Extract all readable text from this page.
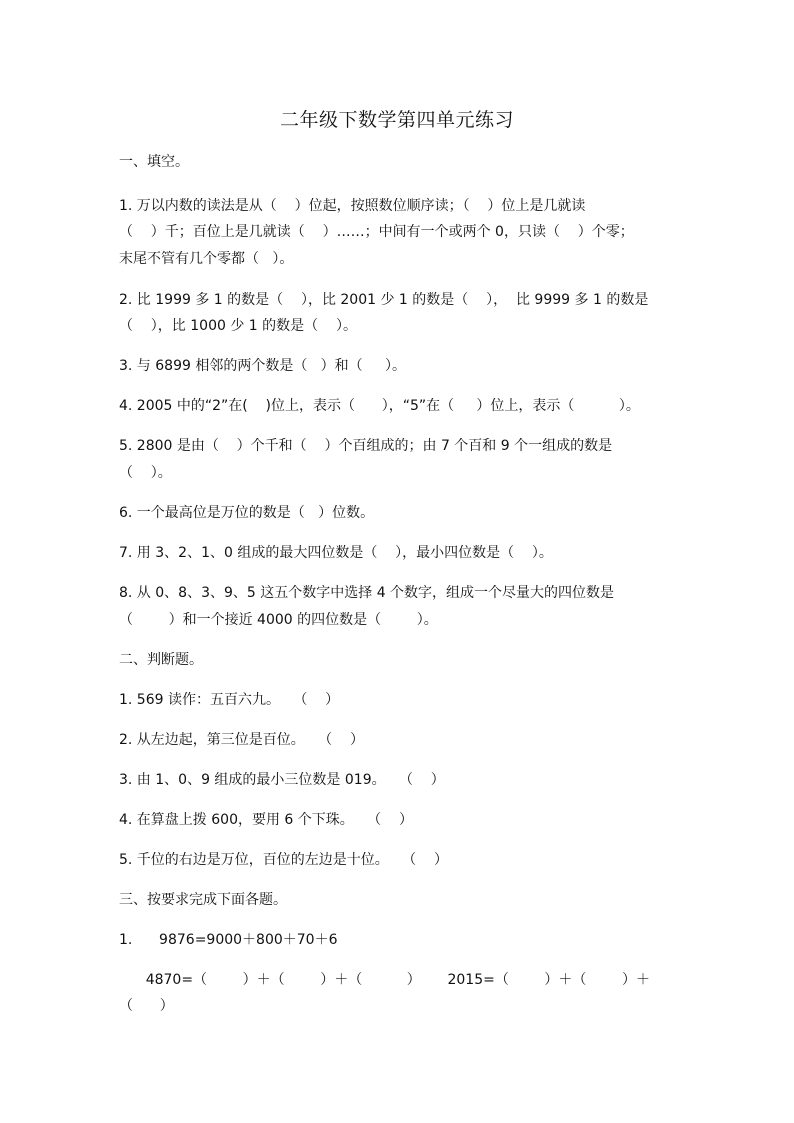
二年级下数学第四单元练习
一、填空。
1. 万以内数的读法是从（    ）位起，按照数位顺序读；（    ）位上是几就读
（    ）千；百位上是几就读（    ）……；中间有一个或两个 0，只读（    ）个零；
末尾不管有几个零都（   ）。
2. 比 1999 多 1 的数是（    ），比 2001 少 1 的数是（    ），  比 9999 多 1 的数是
（    ），比 1000 少 1 的数是（    ）。
3. 与 6899 相邻的两个数是（   ）和（     ）。
4. 2005 中的“2”在(    )位上，表示（      ），“5”在（     ）位上，表示（          ）。
5. 2800 是由（    ）个千和（    ）个百组成的；由 7 个百和 9 个一组成的数是
（    ）。
6. 一个最高位是万位的数是（   ）位数。
7. 用 3、2、1、0 组成的最大四位数是（    ），最小四位数是（    ）。
8. 从 0、8、3、9、5 这五个数字中选择 4 个数字，组成一个尽量大的四位数是
（        ）和一个接近 4000 的四位数是（        ）。
二、判断题。
1. 569 读作：五百六九。   （    ）
2. 从左边起，第三位是百位。   （    ）
3. 由 1、0、9 组成的最小三位数是 019。   （    ）
4. 在算盘上拨 600，要用 6 个下珠。   （    ）
5. 千位的右边是万位，百位的左边是十位。   （    ）
三、按要求完成下面各题。
1.      9876=9000＋800＋70＋6
4870=（        ）＋（        ）＋（          ）      2015=（        ）＋（        ）＋
（      ）
